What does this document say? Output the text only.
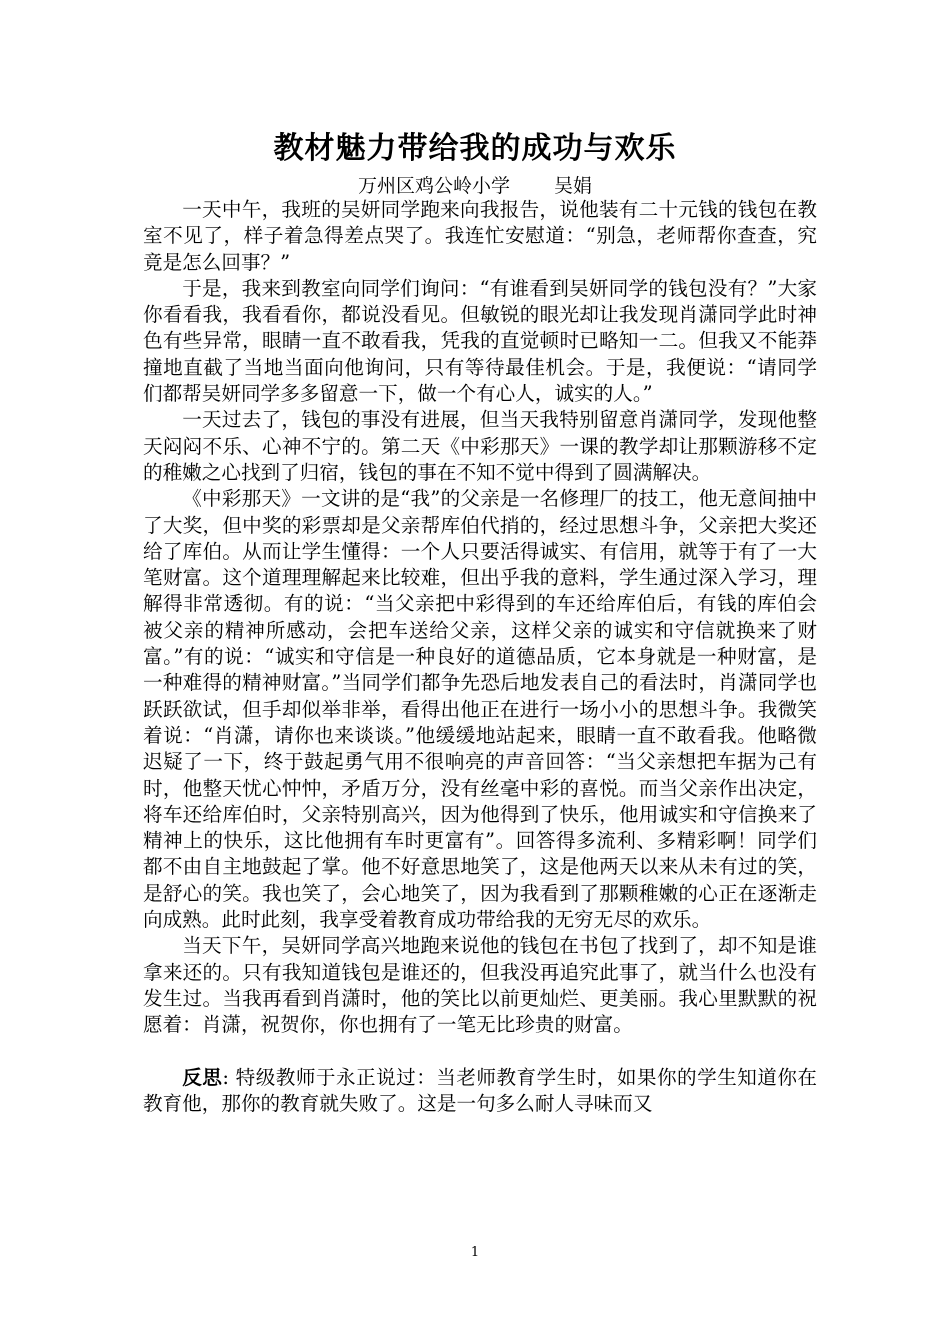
教材魅力带给我的成功与欢乐
万州区鸡公岭小学 吴娟

一天中午，我班的吴妍同学跑来向我报告，说他装有二十元钱的钱包在教室不见了，样子着急得差点哭了。我连忙安慰道：“别急，老师帮你查查，究竟是怎么回事？”

于是，我来到教室向同学们询问：“有谁看到吴妍同学的钱包没有？”大家你看看我，我看看你，都说没看见。但敏锐的眼光却让我发现肖潇同学此时神色有些异常，眼睛一直不敢看我，凭我的直觉顿时已略知一二。但我又不能莽撞地直截了当地当面向他询问，只有等待最佳机会。于是，我便说：“请同学们都帮吴妍同学多多留意一下，做一个有心人，诚实的人。”

一天过去了，钱包的事没有进展，但当天我特别留意肖潇同学，发现他整天闷闷不乐、心神不宁的。第二天《中彩那天》一课的教学却让那颗游移不定的稚嫩之心找到了归宿，钱包的事在不知不觉中得到了圆满解决。

《中彩那天》一文讲的是“我”的父亲是一名修理厂的技工，他无意间抽中了大奖，但中奖的彩票却是父亲帮库伯代捎的，经过思想斗争，父亲把大奖还给了库伯。从而让学生懂得：一个人只要活得诚实、有信用，就等于有了一大笔财富。这个道理理解起来比较难，但出乎我的意料，学生通过深入学习，理解得非常透彻。有的说：“当父亲把中彩得到的车还给库伯后，有钱的库伯会被父亲的精神所感动，会把车送给父亲，这样父亲的诚实和守信就换来了财富。”有的说：“诚实和守信是一种良好的道德品质，它本身就是一种财富，是一种难得的精神财富。”当同学们都争先恐后地发表自己的看法时，肖潇同学也跃跃欲试，但手却似举非举，看得出他正在进行一场小小的思想斗争。我微笑着说：“肖潇，请你也来谈谈。”他缓缓地站起来，眼睛一直不敢看我。他略微迟疑了一下，终于鼓起勇气用不很响亮的声音回答：“当父亲想把车据为己有时，他整天忧心忡忡，矛盾万分，没有丝毫中彩的喜悦。而当父亲作出决定，将车还给库伯时，父亲特别高兴，因为他得到了快乐，他用诚实和守信换来了精神上的快乐，这比他拥有车时更富有”。回答得多流利、多精彩啊！同学们都不由自主地鼓起了掌。他不好意思地笑了，这是他两天以来从未有过的笑，是舒心的笑。我也笑了，会心地笑了，因为我看到了那颗稚嫩的心正在逐渐走向成熟。此时此刻，我享受着教育成功带给我的无穷无尽的欢乐。

当天下午，吴妍同学高兴地跑来说他的钱包在书包了找到了，却不知是谁拿来还的。只有我知道钱包是谁还的，但我没再追究此事了，就当什么也没有发生过。当我再看到肖潇时，他的笑比以前更灿烂、更美丽。我心里默默的祝愿着：肖潇，祝贺你，你也拥有了一笔无比珍贵的财富。

反思: 特级教师于永正说过：当老师教育学生时，如果你的学生知道你在教育他，那你的教育就失败了。这是一句多么耐人寻味而又

1
